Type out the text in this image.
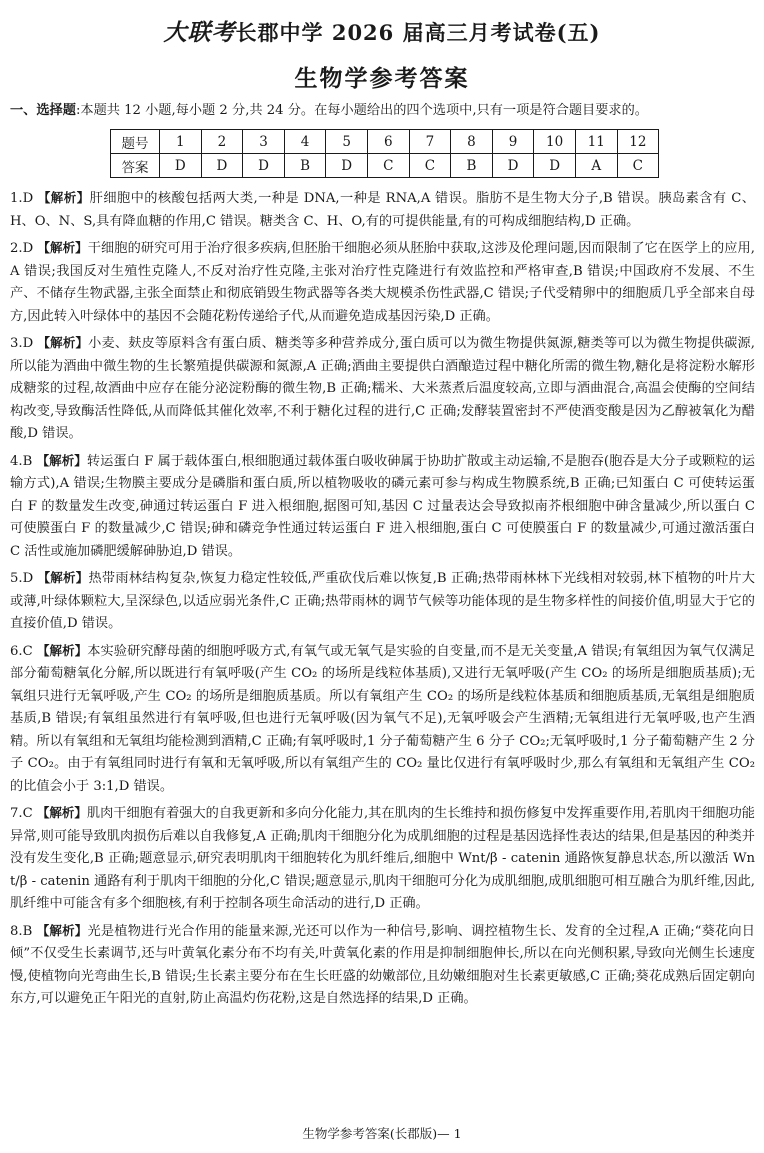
大联考长郡中学 2026 届高三月考试卷(五)
生物学参考答案
一、选择题:本题共 12 小题,每小题 2 分,共 24 分。在每小题给出的四个选项中,只有一项是符合题目要求的。
题号	1	2	3	4	5	6	7	8	9	10	11	12
答案	D	D	D	B	D	C	C	B	D	D	A	C

1.D 【解析】肝细胞中的核酸包括两大类,一种是 DNA,一种是 RNA,A 错误。脂肪不是生物大分子,B 错误。胰岛素含有 C、H、O、N、S,具有降血糖的作用,C 错误。糖类含 C、H、O,有的可提供能量,有的可构成细胞结构,D 正确。

2.D 【解析】干细胞的研究可用于治疗很多疾病,但胚胎干细胞必须从胚胎中获取,这涉及伦理问题,因而限制了它在医学上的应用,A 错误;我国反对生殖性克隆人,不反对治疗性克隆,主张对治疗性克隆进行有效监控和严格审查,B 错误;中国政府不发展、不生产、不储存生物武器,主张全面禁止和彻底销毁生物武器等各类大规模杀伤性武器,C 错误;子代受精卵中的细胞质几乎全部来自母方,因此转入叶绿体中的基因不会随花粉传递给子代,从而避免造成基因污染,D 正确。

3.D 【解析】小麦、麸皮等原料含有蛋白质、糖类等多种营养成分,蛋白质可以为微生物提供氮源,糖类等可以为微生物提供碳源,所以能为酒曲中微生物的生长繁殖提供碳源和氮源,A 正确;酒曲主要提供白酒酿造过程中糖化所需的微生物,糖化是将淀粉水解形成糖浆的过程,故酒曲中应存在能分泌淀粉酶的微生物,B 正确;糯米、大米蒸煮后温度较高,立即与酒曲混合,高温会使酶的空间结构改变,导致酶活性降低,从而降低其催化效率,不利于糖化过程的进行,C 正确;发酵装置密封不严使酒变酸是因为乙醇被氧化为醋酸,D 错误。

4.B 【解析】转运蛋白 F 属于载体蛋白,根细胞通过载体蛋白吸收砷属于协助扩散或主动运输,不是胞吞(胞吞是大分子或颗粒的运输方式),A 错误;生物膜主要成分是磷脂和蛋白质,所以植物吸收的磷元素可参与构成生物膜系统,B 正确;已知蛋白 C 可使转运蛋白 F 的数量发生改变,砷通过转运蛋白 F 进入根细胞,据图可知,基因 C 过量表达会导致拟南芥根细胞中砷含量减少,所以蛋白 C 可使膜蛋白 F 的数量减少,C 错误;砷和磷竞争性通过转运蛋白 F 进入根细胞,蛋白 C 可使膜蛋白 F 的数量减少,可通过激活蛋白 C 活性或施加磷肥缓解砷胁迫,D 错误。

5.D 【解析】热带雨林结构复杂,恢复力稳定性较低,严重砍伐后难以恢复,B 正确;热带雨林林下光线相对较弱,林下植物的叶片大或薄,叶绿体颗粒大,呈深绿色,以适应弱光条件,C 正确;热带雨林的调节气候等功能体现的是生物多样性的间接价值,明显大于它的直接价值,D 错误。

6.C 【解析】本实验研究酵母菌的细胞呼吸方式,有氧气或无氧气是实验的自变量,而不是无关变量,A 错误;有氧组因为氧气仅满足部分葡萄糖氧化分解,所以既进行有氧呼吸(产生 CO₂ 的场所是线粒体基质),又进行无氧呼吸(产生 CO₂ 的场所是细胞质基质);无氧组只进行无氧呼吸,产生 CO₂ 的场所是细胞质基质。所以有氧组产生 CO₂ 的场所是线粒体基质和细胞质基质,无氧组是细胞质基质,B 错误;有氧组虽然进行有氧呼吸,但也进行无氧呼吸(因为氧气不足),无氧呼吸会产生酒精;无氧组进行无氧呼吸,也产生酒精。所以有氧组和无氧组均能检测到酒精,C 正确;有氧呼吸时,1 分子葡萄糖产生 6 分子 CO₂;无氧呼吸时,1 分子葡萄糖产生 2 分子 CO₂。由于有氧组同时进行有氧和无氧呼吸,所以有氧组产生的 CO₂ 量比仅进行有氧呼吸时少,那么有氧组和无氧组产生 CO₂ 的比值会小于 3:1,D 错误。

7.C 【解析】肌肉干细胞有着强大的自我更新和多向分化能力,其在肌肉的生长维持和损伤修复中发挥重要作用,若肌肉干细胞功能异常,则可能导致肌肉损伤后难以自我修复,A 正确;肌肉干细胞分化为成肌细胞的过程是基因选择性表达的结果,但是基因的种类并没有发生变化,B 正确;题意显示,研究表明肌肉干细胞转化为肌纤维后,细胞中 Wnt/β - catenin 通路恢复静息状态,所以激活 Wnt/β - catenin 通路有利于肌肉干细胞的分化,C 错误;题意显示,肌肉干细胞可分化为成肌细胞,成肌细胞可相互融合为肌纤维,因此,肌纤维中可能含有多个细胞核,有利于控制各项生命活动的进行,D 正确。

8.B 【解析】光是植物进行光合作用的能量来源,光还可以作为一种信号,影响、调控植物生长、发育的全过程,A 正确;“葵花向日倾”不仅受生长素调节,还与叶黄氧化素分布不均有关,叶黄氧化素的作用是抑制细胞伸长,所以在向光侧积累,导致向光侧生长速度慢,使植物向光弯曲生长,B 错误;生长素主要分布在生长旺盛的幼嫩部位,且幼嫩细胞对生长素更敏感,C 正确;葵花成熟后固定朝向东方,可以避免正午阳光的直射,防止高温灼伤花粉,这是自然选择的结果,D 正确。

生物学参考答案(长郡版)— 1
